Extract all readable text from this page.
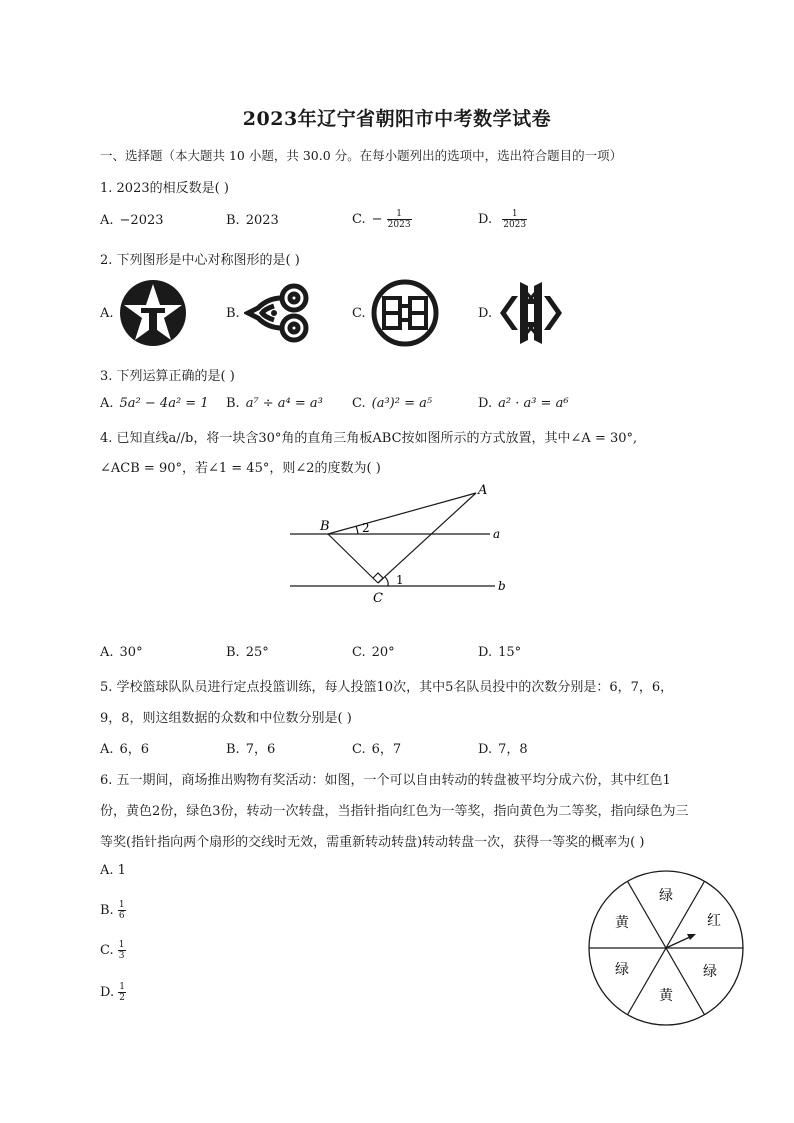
2023年辽宁省朝阳市中考数学试卷
一、选择题（本大题共 10 小题，共 30.0 分。在每小题列出的选项中，选出符合题目的一项）
1. 2023的相反数是( )
A. −2023	B. 2023	C. − $\frac{1}{2023}$	D. $\frac{1}{2023}$
2. 下列图形是中心对称图形的是( )
A.	B.	C.	D.
3. 下列运算正确的是( )
A. 5a² − 4a² = 1 B. a⁷ ÷ a⁴ = a³ C. (a³)² = a⁵	D. a² · a³ = a⁶
4. 已知直线a//b，将一块含30°角的直角三角板ABC按如图所示的方式放置，其中∠A = 30°,
∠ACB = 90°，若∠1 = 45°，则∠2的度数为( )
A
B
C
a
b
2
1
A. 30°	B. 25°	C. 20°	D. 15°
5. 学校篮球队队员进行定点投篮训练，每人投篮10次，其中5名队员投中的次数分别是：6，7，6，
9，8，则这组数据的众数和中位数分别是( )
A. 6，6	B. 7，6	C. 6，7	D. 7，8
6. 五一期间，商场推出购物有奖活动：如图，一个可以自由转动的转盘被平均分成六份，其中红色1
份，黄色2份，绿色3份，转动一次转盘，当指针指向红色为一等奖，指向黄色为二等奖，指向绿色为三
等奖(指针指向两个扇形的交线时无效，需重新转动转盘)转动转盘一次，获得一等奖的概率为( )
A. 1
B. $\frac{1}{6}$
C. $\frac{1}{3}$
D. $\frac{1}{2}$
绿
红
绿
黄
绿
黄
